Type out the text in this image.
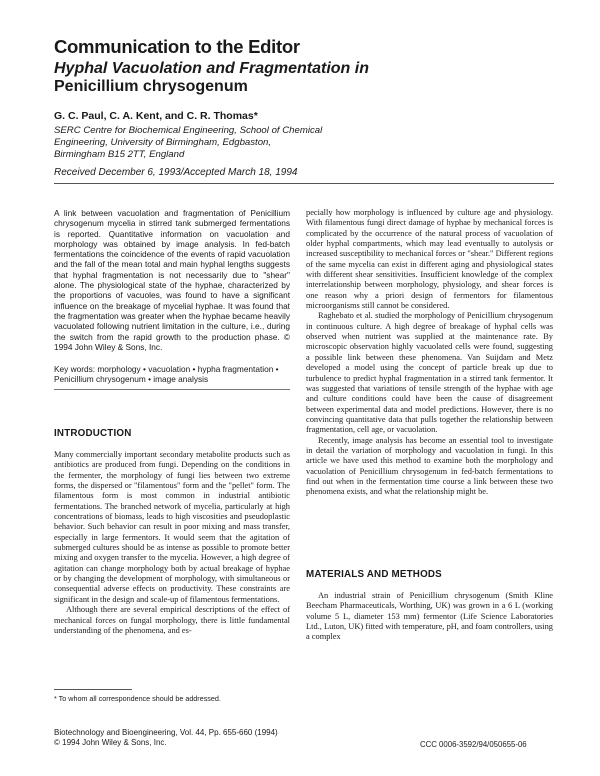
Communication to the Editor
Hyphal Vacuolation and Fragmentation in
Penicillium chrysogenum
G. C. Paul, C. A. Kent, and C. R. Thomas*
SERC Centre for Biochemical Engineering, School of Chemical
Engineering, University of Birmingham, Edgbaston,
Birmingham B15 2TT, England
Received December 6, 1993/Accepted March 18, 1994
A link between vacuolation and fragmentation of Penicillium chrysogenum mycelia in stirred tank submerged fermentations is reported. Quantitative information on vacuolation and morphology was obtained by image analysis. In fed-batch fermentations the coincidence of the events of rapid vacuolation and the fall of the mean total and main hyphal lengths suggests that hyphal fragmentation is not necessarily due to "shear" alone. The physiological state of the hyphae, characterized by the proportions of vacuoles, was found to have a significant influence on the breakage of mycelial hyphae. It was found that the fragmentation was greater when the hyphae became heavily vacuolated following nutrient limitation in the culture, i.e., during the switch from the rapid growth to the production phase. © 1994 John Wiley & Sons, Inc.
Key words: morphology • vacuolation • hypha fragmentation • Penicillium chrysogenum • image analysis
INTRODUCTION

Many commercially important secondary metabolite products such as antibiotics are produced from fungi. Depending on the conditions in the fermenter, the morphology of fungi lies between two extreme forms, the dispersed or "filamentous" form and the "pellet" form. The filamentous form is most common in industrial antibiotic fermentations. The branched network of mycelia, particularly at high concentrations of biomass, leads to high viscosities and pseudoplastic behavior. Such behavior can result in poor mixing and mass transfer, especially in large fermentors. It would seem that the agitation of submerged cultures should be as intense as possible to promote better mixing and oxygen transfer to the mycelia. However, a high degree of agitation can change morphology both by actual breakage of hyphae or by changing the development of morphology, with simultaneous or consequential adverse effects on productivity. These constraints are significant in the design and scale-up of filamentous fermentations.

Although there are several empirical descriptions of the effect of mechanical forces on fungal morphology, there is little fundamental understanding of the phenomena, and es-

pecially how morphology is influenced by culture age and physiology. With filamentous fungi direct damage of hyphae by mechanical forces is complicated by the occurrence of the natural process of vacuolation of older hyphal compartments, which may lead eventually to autolysis or increased susceptibility to mechanical forces or "shear." Different regions of the same mycelia can exist in different aging and physiological states with different shear sensitivities. Insufficient knowledge of the complex interrelationship between morphology, physiology, and shear forces is one reason why a priori design of fermentors for filamentous microorganisms still cannot be considered.

Raghebato et al. studied the morphology of Penicillium chrysogenum in continuous culture. A high degree of breakage of hyphal cells was observed when nutrient was supplied at the maintenance rate. By microscopic observation highly vacuolated cells were found, suggesting a possible link between these phenomena. Van Suijdam and Metz developed a model using the concept of particle break up due to turbulence to predict hyphal fragmentation in a stirred tank fermentor. It was suggested that variations of tensile strength of the hyphae with age and culture conditions could have been the cause of disagreement between experimental data and model predictions. However, there is no convincing quantitative data that pulls together the relationship between fragmentation, cell age, or vacuolation.

Recently, image analysis has become an essential tool to investigate in detail the variation of morphology and vacuolation in fungi. In this article we have used this method to examine both the morphology and vacuolation of Penicillium chrysogenum in fed-batch fermentations to find out when in the fermentation time course a link between these two phenomena exists, and what the relationship might be.

MATERIALS AND METHODS

An industrial strain of Penicillium chrysogenum (Smith Kline Beecham Pharmaceuticals, Worthing, UK) was grown in a 6 L (working volume 5 L, diameter 153 mm) fermentor (Life Science Laboratories Ltd., Luton, UK) fitted with temperature, pH, and foam controllers, using a complex

* To whom all correspondence should be addressed.
Biotechnology and Bioengineering, Vol. 44, Pp. 655-660 (1994)
© 1994 John Wiley & Sons, Inc.	CCC 0006-3592/94/050655-06
